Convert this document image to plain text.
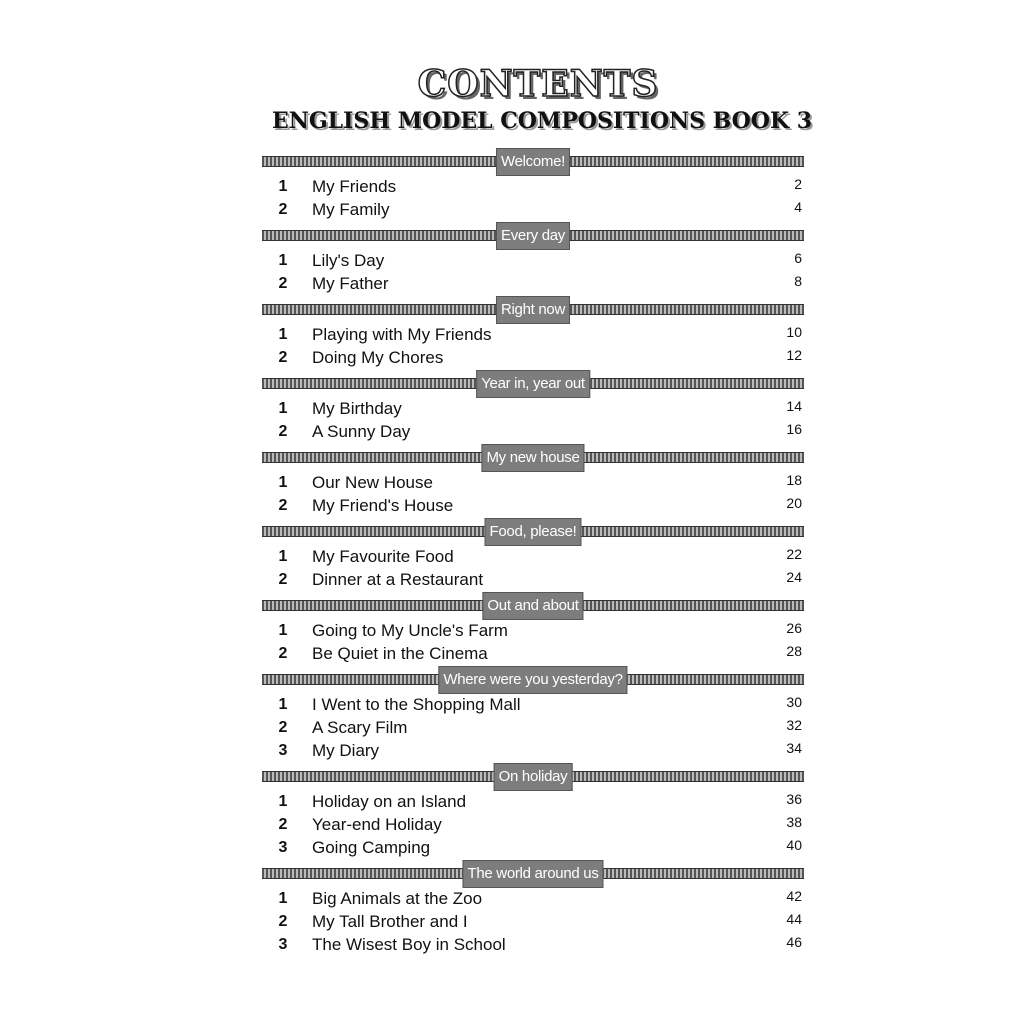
CONTENTS
ENGLISH MODEL COMPOSITIONS BOOK 3
Welcome!
1	My Friends	2
2	My Family	4
Every day
1	Lily's Day	6
2	My Father	8
Right now
1	Playing with My Friends	10
2	Doing My Chores	12
Year in, year out
1	My Birthday	14
2	A Sunny Day	16
My new house
1	Our New House	18
2	My Friend's House	20
Food, please!
1	My Favourite Food	22
2	Dinner at a Restaurant	24
Out and about
1	Going to My Uncle's Farm	26
2	Be Quiet in the Cinema	28
Where were you yesterday?
1	I Went to the Shopping Mall	30
2	A Scary Film	32
3	My Diary	34
On holiday
1	Holiday on an Island	36
2	Year-end Holiday	38
3	Going Camping	40
The world around us
1	Big Animals at the Zoo	42
2	My Tall Brother and I	44
3	The Wisest Boy in School	46
